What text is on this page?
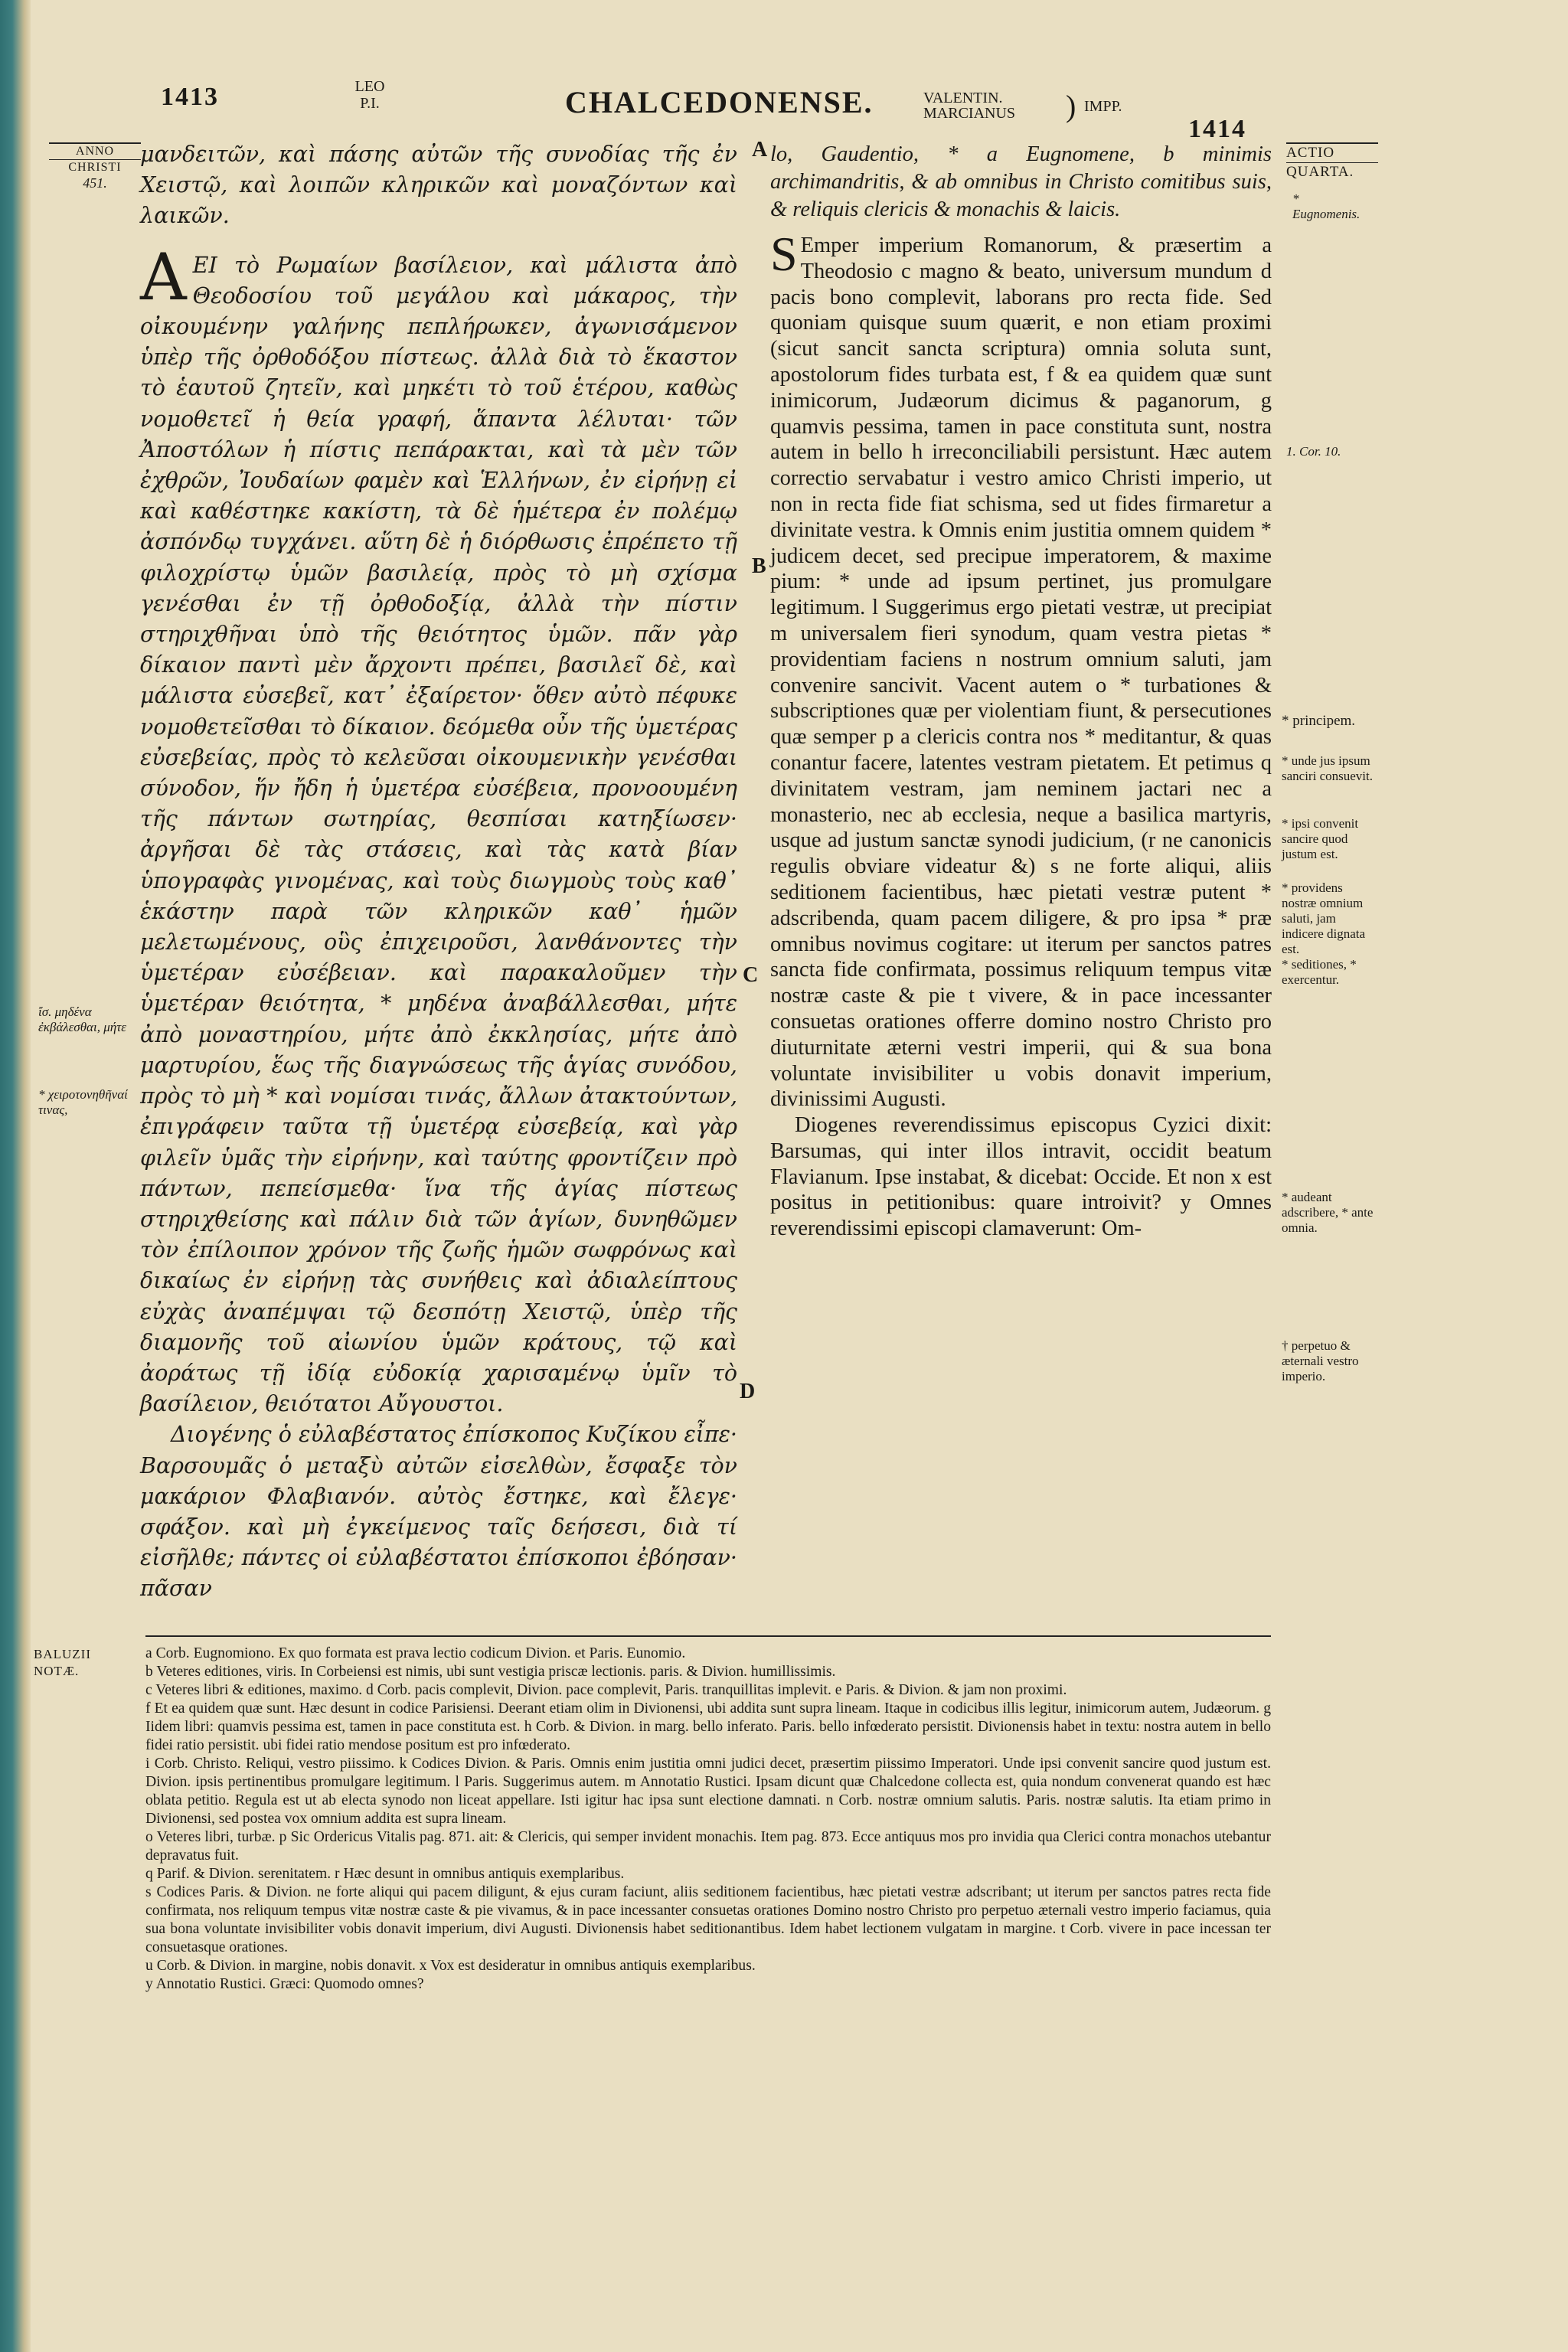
1413	LEO
P.I.	CHALCEDONENSE.	VALENTIN.
MARCIANUS ) IMPP.
1414
ANNO
CHRISTI
451.
ἴσ. μηδένα ἐκβάλεσθαι, μήτε
* χειροτονηθῆναί τινας,
ACTIO
QUARTA.
* Eugnomenis.
1. Cor. 10.
* principem.
* unde jus ipsum sanciri consuevit.
* ipsi convenit sancire quod justum est.
* providens nostræ omnium saluti, jam indicere dignata est.
* seditiones, * exercentur.
* audeant adscribere, * ante omnia.
† perpetuo & æternali vestro imperio.
A
B
C
D

μανδειτῶν, καὶ πάσης αὐτῶν τῆς συνοδίας τῆς ἐν Χειστῷ, καὶ λοιπῶν κληρικῶν καὶ μοναζόντων καὶ λαικῶν.

ΑΕΙ τὸ Ρωμαίων βασίλειον, καὶ μάλιστα ἀπὸ Θεοδοσίου τοῦ μεγάλου καὶ μάκαρος, τὴν οἰκουμένην γαλήνης πεπλήρωκεν, ἀγωνισάμενον ὑπὲρ τῆς ὀρθοδόξου πίστεως. ἀλλὰ διὰ τὸ ἕκαστον τὸ ἑαυτοῦ ζητεῖν, καὶ μηκέτι τὸ τοῦ ἑτέρου, καθὼς νομοθετεῖ ἡ θεία γραφή, ἅπαντα λέλυται· τῶν Ἀποστόλων ἡ πίστις πεπάρακται, καὶ τὰ μὲν τῶν ἐχθρῶν, Ἰουδαίων φαμὲν καὶ Ἑλλήνων, ἐν εἰρήνῃ εἰ καὶ καθέστηκε κακίστη, τὰ δὲ ἡμέτερα ἐν πολέμῳ ἀσπόνδῳ τυγχάνει. αὕτη δὲ ἡ διόρθωσις ἐπρέπετο τῇ φιλοχρίστῳ ὑμῶν βασιλείᾳ, πρὸς τὸ μὴ σχίσμα γενέσθαι ἐν τῇ ὀρθοδοξίᾳ, ἀλλὰ τὴν πίστιν στηριχθῆναι ὑπὸ τῆς θειότητος ὑμῶν. πᾶν γὰρ δίκαιον παντὶ μὲν ἄρχοντι πρέπει, βασιλεῖ δὲ, καὶ μάλιστα εὐσεβεῖ, κατ᾿ ἐξαίρετον· ὅθεν αὐτὸ πέφυκε νομοθετεῖσθαι τὸ δίκαιον. δεόμεθα οὖν τῆς ὑμετέρας εὐσεβείας, πρὸς τὸ κελεῦσαι οἰκουμενικὴν γενέσθαι σύνοδον, ἥν ἤδη ἡ ὑμετέρα εὐσέβεια, προνοουμένη τῆς πάντων σωτηρίας, θεσπίσαι κατηξίωσεν· ἀργῆσαι δὲ τὰς στάσεις, καὶ τὰς κατὰ βίαν ὑπογραφὰς γινομένας, καὶ τοὺς διωγμοὺς τοὺς καθ᾿ ἑκάστην παρὰ τῶν κληρικῶν καθ᾿ ἡμῶν μελετωμένους, οὓς ἐπιχειροῦσι, λανθάνοντες τὴν ὑμετέραν εὐσέβειαν. καὶ παρακαλοῦμεν τὴν ὑμετέραν θειότητα, * μηδένα ἀναβάλλεσθαι, μήτε ἀπὸ μοναστηρίου, μήτε ἀπὸ ἐκκλησίας, μήτε ἀπὸ μαρτυρίου, ἕως τῆς διαγνώσεως τῆς ἁγίας συνόδου, πρὸς τὸ μὴ * καὶ νομίσαι τινάς, ἄλλων ἀτακτούντων, ἐπιγράφειν ταῦτα τῇ ὑμετέρᾳ εὐσεβείᾳ, καὶ γὰρ φιλεῖν ὑμᾶς τὴν εἰρήνην, καὶ ταύτης φροντίζειν πρὸ πάντων, πεπείσμεθα· ἵνα τῆς ἁγίας πίστεως στηριχθείσης καὶ πάλιν διὰ τῶν ἁγίων, δυνηθῶμεν τὸν ἐπίλοιπον χρόνον τῆς ζωῆς ἡμῶν σωφρόνως καὶ δικαίως ἐν εἰρήνῃ τὰς συνήθεις καὶ ἀδιαλείπτους εὐχὰς ἀναπέμψαι τῷ δεσπότῃ Χειστῷ, ὑπὲρ τῆς διαμονῆς τοῦ αἰωνίου ὑμῶν κράτους, τῷ καὶ ἀοράτως τῇ ἰδίᾳ εὐδοκίᾳ χαρισαμένῳ ὑμῖν τὸ βασίλειον, θειότατοι Αὔγουστοι.

Διογένης ὁ εὐλαβέστατος ἐπίσκοπος Κυζίκου εἶπε· Βαρσουμᾶς ὁ μεταξὺ αὐτῶν εἰσελθὼν, ἔσφαξε τὸν μακάριον Φλαβιανόν. αὐτὸς ἔστηκε, καὶ ἔλεγε· σφάξον. καὶ μὴ ἐγκείμενος ταῖς δεήσεσι, διὰ τί εἰσῆλθε; πάντες οἱ εὐλαβέστατοι ἐπίσκοποι ἐβόησαν· πᾶσαν

lo, Gaudentio, * a Eugnomene, b minimis archimandritis, & ab omnibus in Christo comitibus suis, & reliquis clericis & monachis & laicis.

S Emper imperium Romanorum, & præsertim a Theodosio c magno & beato, universum mundum d pacis bono complevit, laborans pro recta fide. Sed quoniam quisque suum quærit, e non etiam proximi (sicut sancit sancta scriptura) omnia soluta sunt, apostolorum fides turbata est, f & ea quidem quæ sunt inimicorum, Judæorum dicimus & paganorum, g quamvis pessima, tamen in pace constituta sunt, nostra autem in bello h irreconciliabili persistunt. Hæc autem correctio servabatur i vestro amico Christi imperio, ut non in recta fide fiat schisma, sed ut fides firmaretur a divinitate vestra. k Omnis enim justitia omnem quidem * judicem decet, sed precipue imperatorem, & maxime pium: * unde ad ipsum pertinet, jus promulgare legitimum. l Suggerimus ergo pietati vestræ, ut precipiat m universalem fieri synodum, quam vestra pietas * providentiam faciens n nostrum omnium saluti, jam convenire sancivit. Vacent autem o * turbationes & subscriptiones quæ per violentiam fiunt, & persecutiones quæ semper p a clericis contra nos * meditantur, & quas conantur facere, latentes vestram pietatem. Et petimus q divinitatem vestram, jam neminem jactari nec a monasterio, nec ab ecclesia, neque a basilica martyris, usque ad justum sanctæ synodi judicium, (r ne canonicis regulis obviare videatur &) s ne forte aliqui, aliis seditionem facientibus, hæc pietati vestræ putent * adscribenda, quam pacem diligere, & pro ipsa * præ omnibus novimus cogitare: ut iterum per sanctos patres sancta fide confirmata, possimus reliquum tempus vitæ nostræ caste & pie t vivere, & in pace incessanter consuetas orationes offerre domino nostro Christo pro diuturnitate æterni vestri imperii, qui & sua bona voluntate invisibiliter u vobis donavit imperium, divinissimi Augusti.

Diogenes reverendissimus episcopus Cyzici dixit: Barsumas, qui inter illos intravit, occidit beatum Flavianum. Ipse instabat, & dicebat: Occide. Et non x est positus in petitionibus: quare introivit? y Omnes reverendissimi episcopi clamaverunt: Om-

BALUZII
NOTÆ.

a Corb. Eugnomiono. Ex quo formata est prava lectio codicum Divion. et Paris. Eunomio.

b Veteres editiones, viris. In Corbeiensi est nimis, ubi sunt vestigia priscæ lectionis. paris. & Divion. humillissimis.

c Veteres libri & editiones, maximo. d Corb. pacis complevit, Divion. pace complevit, Paris. tranquillitas implevit. e Paris. & Divion. & jam non proximi.

f Et ea quidem quæ sunt. Hæc desunt in codice Parisiensi. Deerant etiam olim in Divionensi, ubi addita sunt supra lineam. Itaque in codicibus illis legitur, inimicorum autem, Judæorum. g Iidem libri: quamvis pessima est, tamen in pace constituta est. h Corb. & Divion. in marg. bello inferato. Paris. bello infœderato persistit. Divionensis habet in textu: nostra autem in bello fidei ratio persistit. ubi fidei ratio mendose positum est pro infœderato.

i Corb. Christo. Reliqui, vestro piissimo. k Codices Divion. & Paris. Omnis enim justitia omni judici decet, præsertim piissimo Imperatori. Unde ipsi convenit sancire quod justum est. Divion. ipsis pertinentibus promulgare legitimum. l Paris. Suggerimus autem. m Annotatio Rustici. Ipsam dicunt quæ Chalcedone collecta est, quia nondum convenerat quando est hæc oblata petitio. Regula est ut ab electa synodo non liceat appellare. Isti igitur hac ipsa sunt electione damnati. n Corb. nostræ omnium salutis. Paris. nostræ salutis. Ita etiam primo in Divionensi, sed postea vox omnium addita est supra lineam.

o Veteres libri, turbæ. p Sic Ordericus Vitalis pag. 871. ait: & Clericis, qui semper invident monachis. Item pag. 873. Ecce antiquus mos pro invidia qua Clerici contra monachos utebantur depravatus fuit.

q Parif. & Divion. serenitatem. r Hæc desunt in omnibus antiquis exemplaribus.

s Codices Paris. & Divion. ne forte aliqui qui pacem diligunt, & ejus curam faciunt, aliis seditionem facientibus, hæc pietati vestræ adscribant; ut iterum per sanctos patres recta fide confirmata, nos reliquum tempus vitæ nostræ caste & pie vivamus, & in pace incessanter consuetas orationes Domino nostro Christo pro perpetuo æternali vestro imperio faciamus, quia sua bona voluntate invisibiliter vobis donavit imperium, divi Augusti. Divionensis habet seditionantibus. Idem habet lectionem vulgatam in margine. t Corb. vivere in pace incessan ter consuetasque orationes.

u Corb. & Divion. in margine, nobis donavit. x Vox est desideratur in omnibus antiquis exemplaribus.

y Annotatio Rustici. Græci: Quomodo omnes?
